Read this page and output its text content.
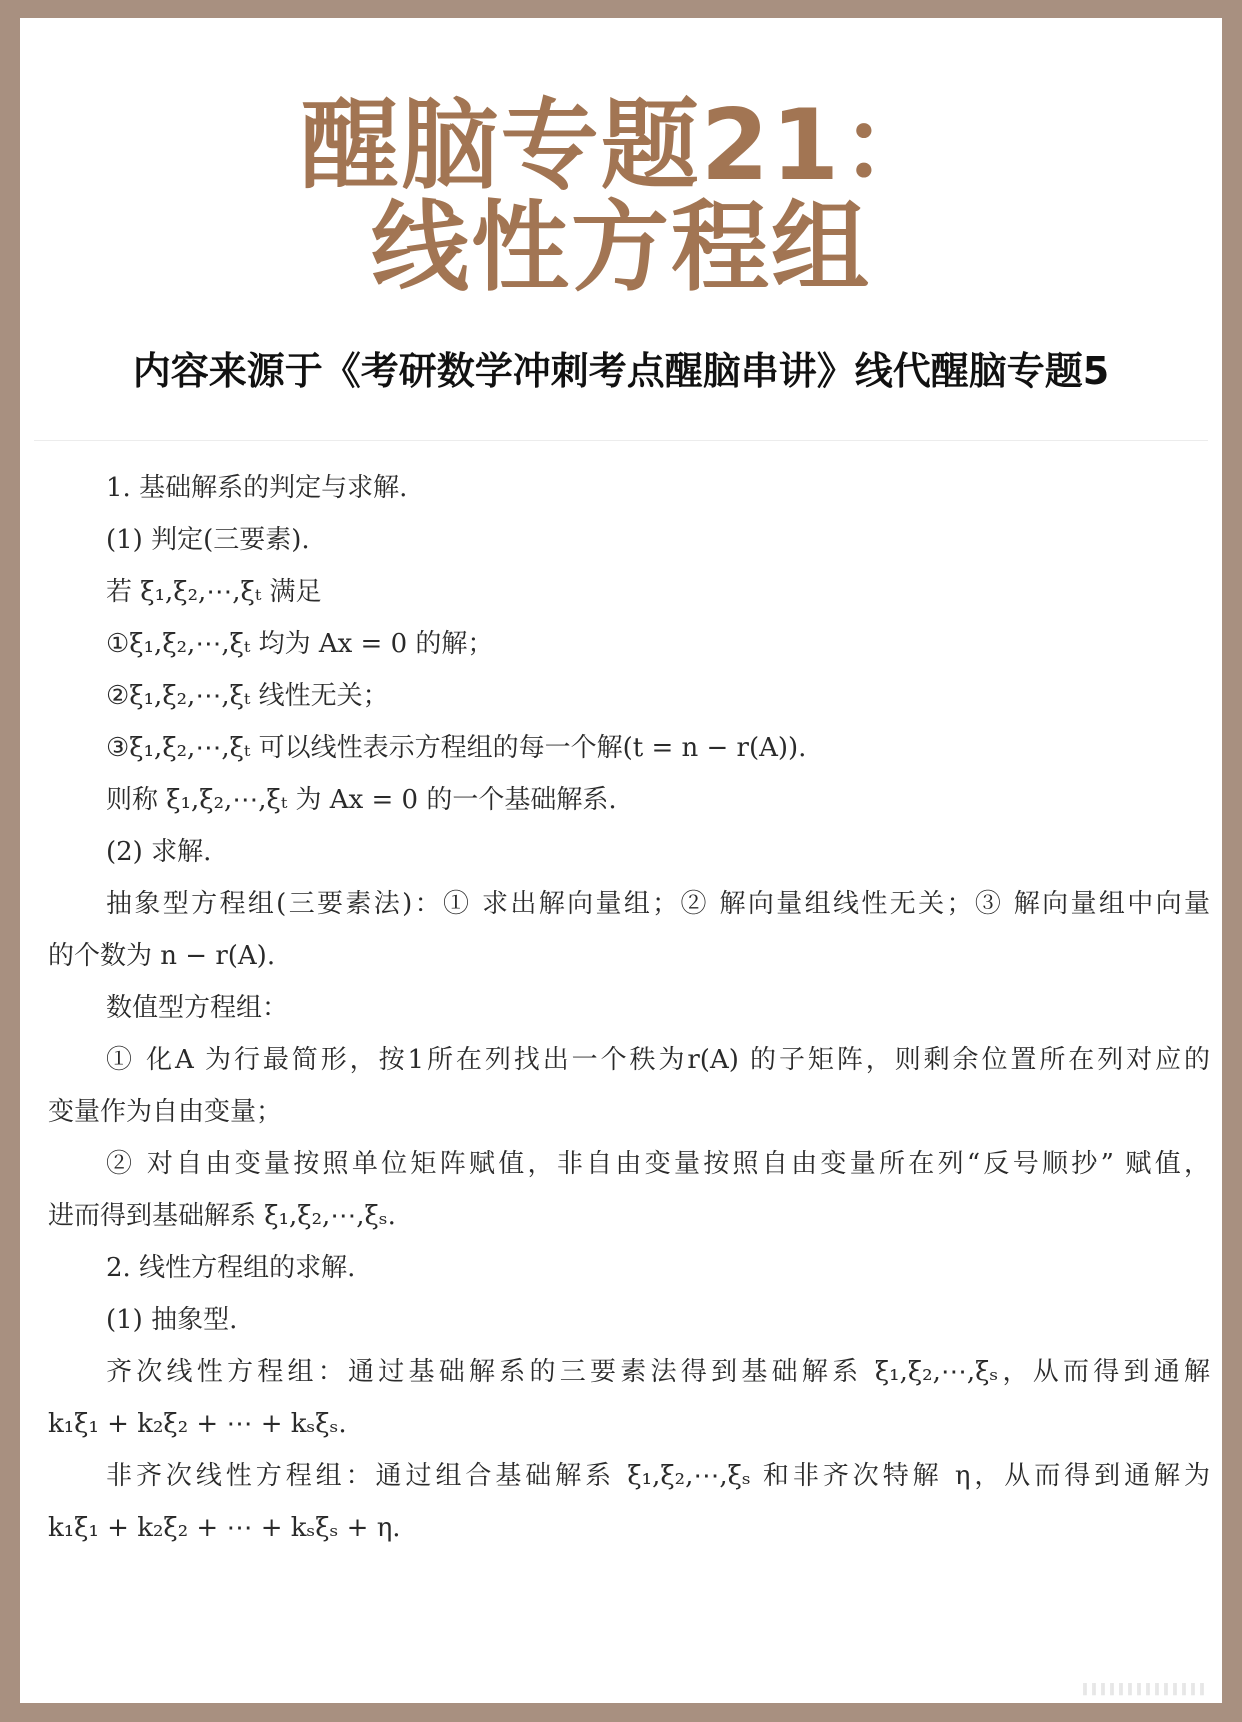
醒脑专题21：
线性方程组
内容来源于《考研数学冲刺考点醒脑串讲》线代醒脑专题5
1. 基础解系的判定与求解.
(1) 判定(三要素).
若 ξ₁,ξ₂,⋯,ξₜ 满足
①ξ₁,ξ₂,⋯,ξₜ 均为 Ax = 0 的解；
②ξ₁,ξ₂,⋯,ξₜ 线性无关；
③ξ₁,ξ₂,⋯,ξₜ 可以线性表示方程组的每一个解(t = n − r(A)).
则称 ξ₁,ξ₂,⋯,ξₜ 为 Ax = 0 的一个基础解系.
(2) 求解.
抽象型方程组(三要素法)：① 求出解向量组；② 解向量组线性无关；③ 解向量组中向量
的个数为 n − r(A).
数值型方程组：
① 化A 为行最简形，按1所在列找出一个秩为r(A) 的子矩阵，则剩余位置所在列对应的
变量作为自由变量；
② 对自由变量按照单位矩阵赋值，非自由变量按照自由变量所在列“反号顺抄” 赋值，
进而得到基础解系 ξ₁,ξ₂,⋯,ξₛ.
2. 线性方程组的求解.
(1) 抽象型.
齐次线性方程组：通过基础解系的三要素法得到基础解系 ξ₁,ξ₂,⋯,ξₛ，从而得到通解
k₁ξ₁ + k₂ξ₂ + ⋯ + kₛξₛ.
非齐次线性方程组：通过组合基础解系 ξ₁,ξ₂,⋯,ξₛ 和非齐次特解 η，从而得到通解为
k₁ξ₁ + k₂ξ₂ + ⋯ + kₛξₛ + η.
‖‖‖‖‖‖‖‖‖‖‖‖‖‖
